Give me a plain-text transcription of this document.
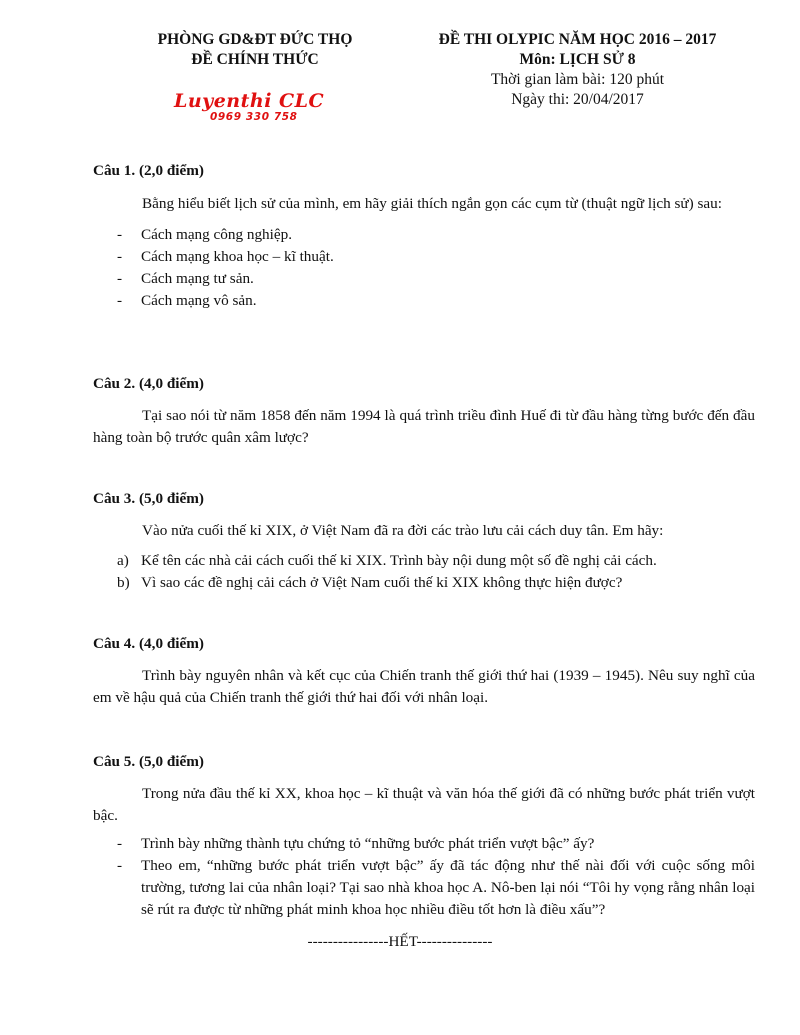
PHÒNG GD&ĐT ĐỨC THỌ
ĐỀ CHÍNH THỨC
Luyenthi CLC
0969 330 758
ĐỀ THI OLYPIC NĂM HỌC 2016 – 2017
Môn: LỊCH SỬ 8
Thời gian làm bài: 120 phút
Ngày thi: 20/04/2017

Câu 1. (2,0 điểm)

Bằng hiểu biết lịch sử của mình, em hãy giải thích ngắn gọn các cụm từ (thuật ngữ lịch sử) sau:

- Cách mạng công nghiệp.
- Cách mạng khoa học – kĩ thuật.
- Cách mạng tư sản.
- Cách mạng vô sản.

Câu 2. (4,0 điểm)

Tại sao nói từ năm 1858 đến năm 1994 là quá trình triều đình Huế đi từ đầu hàng từng bước đến đầu hàng toàn bộ trước quân xâm lược?

Câu 3. (5,0 điểm)

Vào nửa cuối thế kỉ XIX, ở Việt Nam đã ra đời các trào lưu cải cách duy tân. Em hãy:

a) Kể tên các nhà cải cách cuối thế kỉ XIX. Trình bày nội dung một số đề nghị cải cách.
b) Vì sao các đề nghị cải cách ở Việt Nam cuối thế kỉ XIX không thực hiện được?

Câu 4. (4,0 điểm)

Trình bày nguyên nhân và kết cục của Chiến tranh thế giới thứ hai (1939 – 1945). Nêu suy nghĩ của em về hậu quả của Chiến tranh thế giới thứ hai đối với nhân loại.

Câu 5. (5,0 điểm)

Trong nửa đầu thế kỉ XX, khoa học – kĩ thuật và văn hóa thế giới đã có những bước phát triển vượt bậc.

- Trình bày những thành tựu chứng tỏ “những bước phát triển vượt bậc” ấy?
- Theo em, “những bước phát triển vượt bậc” ấy đã tác động như thế nài đối với cuộc sống môi trường, tương lai của nhân loại? Tại sao nhà khoa học A. Nô-ben lại nói “Tôi hy vọng rằng nhân loại sẽ rút ra được từ những phát minh khoa học nhiều điều tốt hơn là điều xấu”?
----------------HẾT---------------
